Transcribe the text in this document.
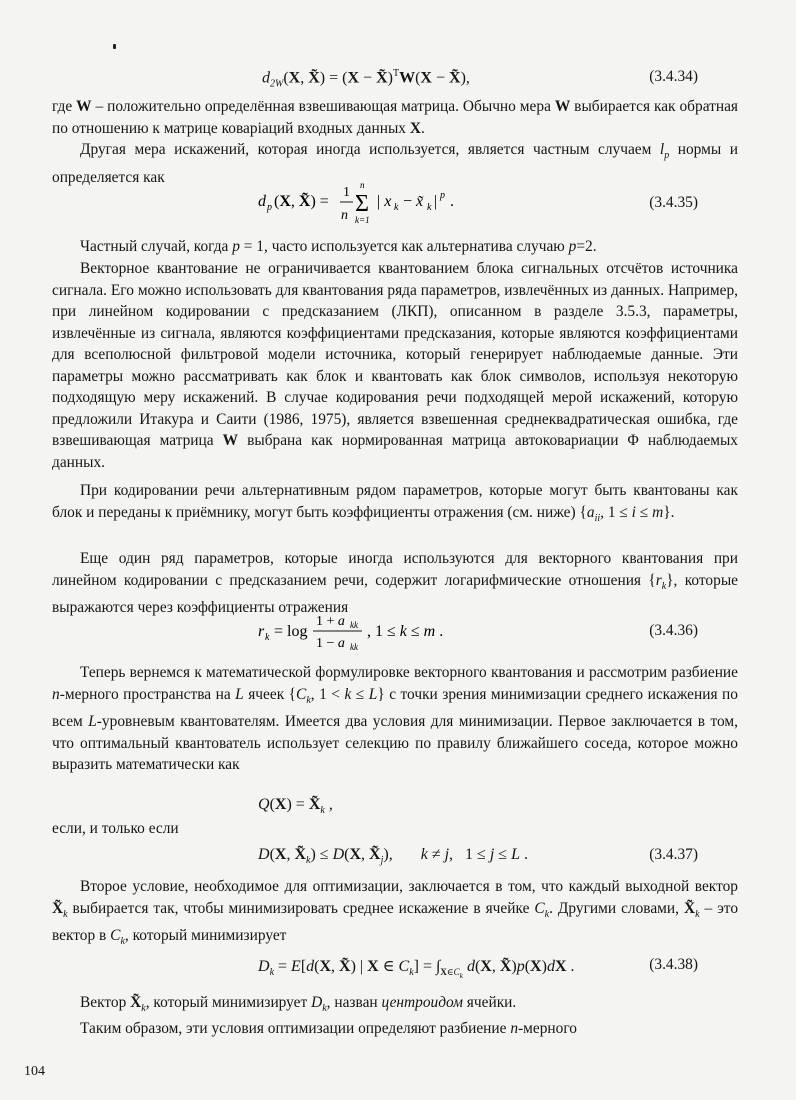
$d_{2W}(X$, X̃) = (X − X̃)$^T$W(X − X̃),	(3.4.34)
где W – положительно определённая взвешивающая матрица. Обычно мера W выбирается как обратная по отношению к матрице коварiаций входных данных X.
Другая мера искажений, которая иногда используется, является частным случаем $l_p$ нормы и определяется как
d p (X, X̃) =
1
n
n
Σ
k=1
| x k − x̃ k | p .	(3.4.35)
Частный случай, когда p = 1, часто используется как альтернатива случаю p=2.
Векторное квантование не ограничивается квантованием блока сигнальных отсчётов источника сигнала. Его можно использовать для квантования ряда параметров, извлечённых из данных. Например, при линейном кодировании с предсказанием (ЛКП), описанном в разделе 3.5.3, параметры, извлечённые из сигнала, являются коэффициентами предсказания, которые являются коэффициентами для всеполюсной фильтровой модели источника, который генерирует наблюдаемые данные. Эти параметры можно рассматривать как блок и квантовать как блок символов, используя некоторую подходящую меру искажений. В случае кодирования речи подходящей мерой искажений, которую предложили Итакура и Саити (1986, 1975), является взвешенная среднеквадратическая ошибка, где взвешивающая матрица W выбрана как нормированная матрица автоковариации Φ наблюдаемых данных.
При кодировании речи альтернативным рядом параметров, которые могут быть квантованы как блок и переданы к приёмнику, могут быть коэффициенты отражения (см. ниже) {$a_{ii}$, 1 ≤ i ≤ m}.
Еще один ряд параметров, которые иногда используются для векторного квантования при линейном кодировании с предсказанием речи, содержит логарифмические отношения $\{r_k\}$, которые выражаются через коэффициенты отражения
r k = log
1 + a kk
1 − a kk
, 1 ≤ k ≤ m .	(3.4.36)
Теперь вернемся к математической формулировке векторного квантования и рассмотрим разбиение n-мерного пространства на L ячеек {$C_k$, 1 < k ≤ L} с точки зрения минимизации среднего искажения по всем L-уровневым квантователям. Имеется два условия для минимизации. Первое заключается в том, что оптимальный квантователь использует селекцию по правилу ближайшего соседа, которое можно выразить математически как
$Q(X) = X̃_k$ ,
если, и только если
D(X, $X̃_k) \le D(X$, $X̃_j$),       k ≠ j,   1 ≤ j ≤ L .	(3.4.37)
Второе условие, необходимое для оптимизации, заключается в том, что каждый выходной вектор $X̃_k$ выбирается так, чтобы минимизировать среднее искажение в ячейке $C_k$. Другими словами, $X̃_k$ – это вектор в $C_k$, который минимизирует
$D_k = E[d(X$, X̃) | X ∈ $C_k] = \int_{X\in C_k}$ d(X, X̃)p(X)dX .	(3.4.38)
Вектор $X̃_k$, который минимизирует $D_k$, назван центроидом ячейки.
Таким образом, эти условия оптимизации определяют разбиение n-мерного
104
